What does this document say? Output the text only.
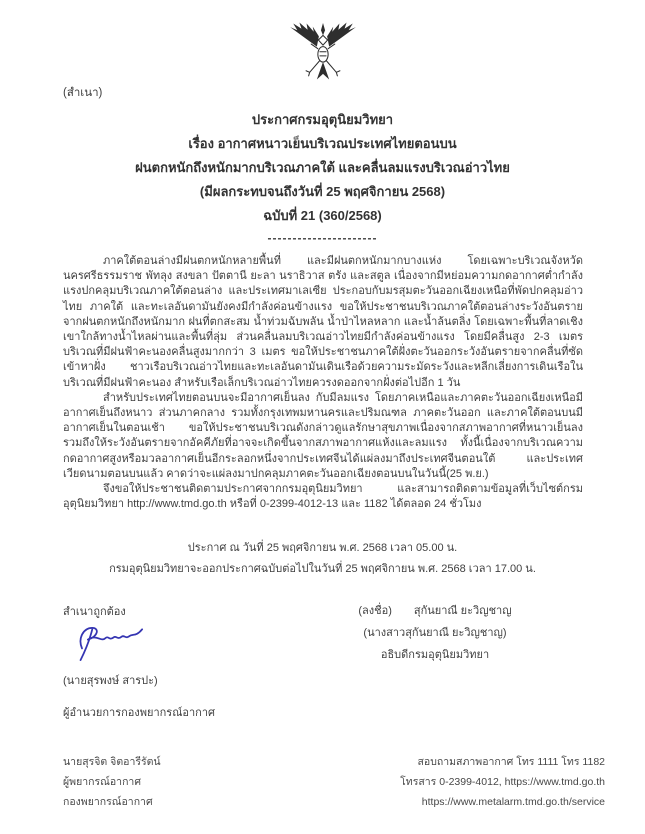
(สำเนา)
ประกาศกรมอุตุนิยมวิทยา
เรื่อง อากาศหนาวเย็นบริเวณประเทศไทยตอนบน
ฝนตกหนักถึงหนักมากบริเวณภาคใต้ และคลื่นลมแรงบริเวณอ่าวไทย
(มีผลกระทบจนถึงวันที่ 25 พฤศจิกายน 2568)
ฉบับที่ 21 (360/2568)
----------------------

ภาคใต้ตอนล่างมีฝนตกหนักหลายพื้นที่ และมีฝนตกหนักมากบางแห่ง โดยเฉพาะบริเวณจังหวัดนครศรีธรรมราช พัทลุง สงขลา ปัตตานี ยะลา นราธิวาส ตรัง และสตูล เนื่องจากมีหย่อมความกดอากาศต่ำกำลังแรงปกคลุมบริเวณภาคใต้ตอนล่าง และประเทศมาเลเซีย ประกอบกับมรสุมตะวันออกเฉียงเหนือที่พัดปกคลุมอ่าวไทย ภาคใต้ และทะเลอันดามันยังคงมีกำลังค่อนข้างแรง ขอให้ประชาชนบริเวณภาคใต้ตอนล่างระวังอันตรายจากฝนตกหนักถึงหนักมาก ฝนที่ตกสะสม น้ำท่วมฉับพลัน น้ำป่าไหลหลาก และน้ำล้นตลิ่ง โดยเฉพาะพื้นที่ลาดเชิงเขาใกล้ทางน้ำไหลผ่านและพื้นที่ลุ่ม ส่วนคลื่นลมบริเวณอ่าวไทยมีกำลังค่อนข้างแรง โดยมีคลื่นสูง 2-3 เมตร บริเวณที่มีฝนฟ้าคะนองคลื่นสูงมากกว่า 3 เมตร ขอให้ประชาชนภาคใต้ฝั่งตะวันออกระวังอันตรายจากคลื่นที่ซัดเข้าหาฝั่ง ชาวเรือบริเวณอ่าวไทยและทะเลอันดามันเดินเรือด้วยความระมัดระวังและหลีกเลี่ยงการเดินเรือในบริเวณที่มีฝนฟ้าคะนอง สำหรับเรือเล็กบริเวณอ่าวไทยควรงดออกจากฝั่งต่อไปอีก 1 วัน

สำหรับประเทศไทยตอนบนจะมีอากาศเย็นลง กับมีลมแรง โดยภาคเหนือและภาคตะวันออกเฉียงเหนือมีอากาศเย็นถึงหนาว ส่วนภาคกลาง รวมทั้งกรุงเทพมหานครและปริมณฑล ภาคตะวันออก และภาคใต้ตอนบนมีอากาศเย็นในตอนเช้า ขอให้ประชาชนบริเวณดังกล่าวดูแลรักษาสุขภาพเนื่องจากสภาพอากาศที่หนาวเย็นลง รวมถึงให้ระวังอันตรายจากอัคคีภัยที่อาจจะเกิดขึ้นจากสภาพอากาศแห้งและลมแรง ทั้งนี้เนื่องจากบริเวณความกดอากาศสูงหรือมวลอากาศเย็นอีกระลอกหนึ่งจากประเทศจีนได้แผ่ลงมาถึงประเทศจีนตอนใต้ และประเทศเวียดนามตอนบนแล้ว คาดว่าจะแผ่ลงมาปกคลุมภาคตะวันออกเฉียงตอนบนในวันนี้(25 พ.ย.)

จึงขอให้ประชาชนติดตามประกาศจากกรมอุตุนิยมวิทยา และสามารถติดตามข้อมูลที่เว็บไซต์กรมอุตุนิยมวิทยา http://www.tmd.go.th หรือที่ 0-2399-4012-13 และ 1182 ได้ตลอด 24 ชั่วโมง

ประกาศ ณ วันที่ 25 พฤศจิกายน พ.ศ. 2568 เวลา 05.00 น.
กรมอุตุนิยมวิทยาจะออกประกาศฉบับต่อไปในวันที่ 25 พฤศจิกายน พ.ศ. 2568 เวลา 17.00 น.
(ลงชื่อ) สุกันยาณี ยะวิญชาญ
(นางสาวสุกันยาณี ยะวิญชาญ)
อธิบดีกรมอุตุนิยมวิทยา
สำเนาถูกต้อง
(นายสุรพงษ์ สารปะ)
ผู้อำนวยการกองพยากรณ์อากาศ
นายสุรจิต จิตอารีรัตน์
ผู้พยากรณ์อากาศ
กองพยากรณ์อากาศ
สอบถามสภาพอากาศ โทร 1111 โทร 1182
โทรสาร 0-2399-4012, https://www.tmd.go.th
https://www.metalarm.tmd.go.th/service
